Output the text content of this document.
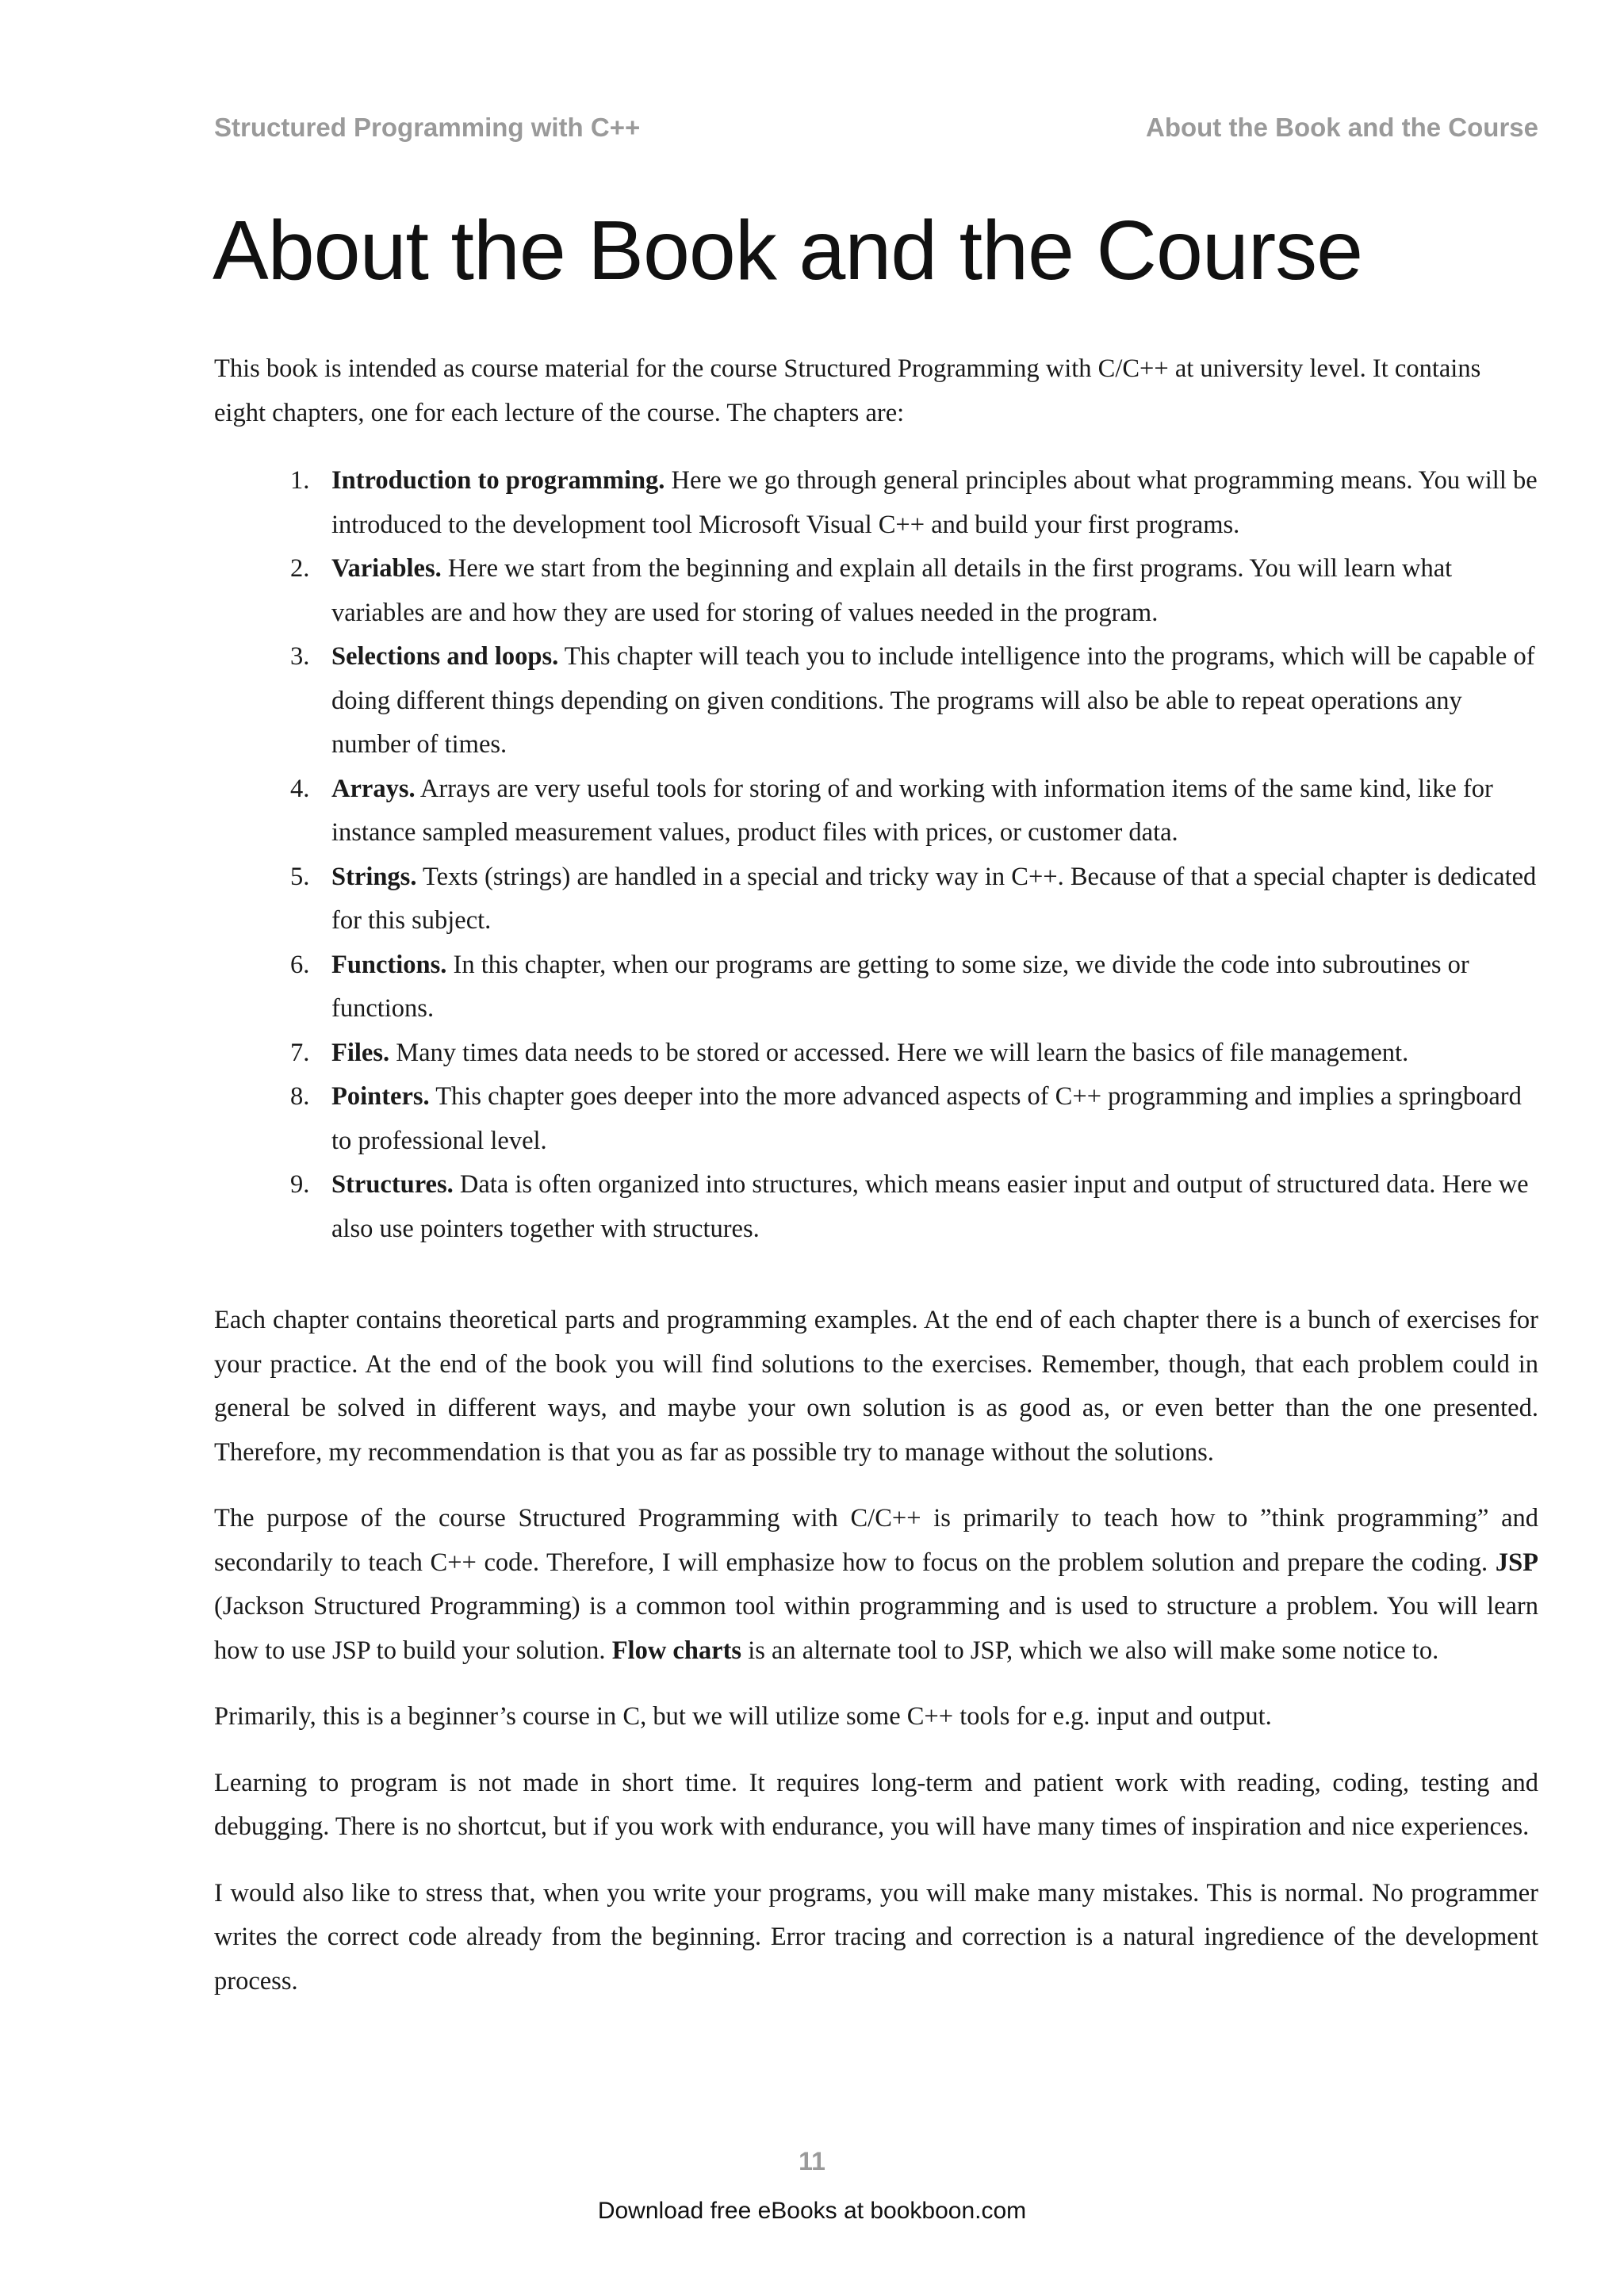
Structured Programming with C++	About the Book and the Course
About the Book and the Course

This book is intended as course material for the course Structured Programming with C/C++ at university level. It contains eight chapters, one for each lecture of the course. The chapters are:

1. Introduction to programming. Here we go through general principles about what programming means. You will be introduced to the development tool Microsoft Visual C++ and build your first programs.
2. Variables. Here we start from the beginning and explain all details in the first programs. You will learn what variables are and how they are used for storing of values needed in the program.
3. Selections and loops. This chapter will teach you to include intelligence into the programs, which will be capable of doing different things depending on given conditions. The programs will also be able to repeat operations any number of times.
4. Arrays. Arrays are very useful tools for storing of and working with information items of the same kind, like for instance sampled measurement values, product files with prices, or customer data.
5. Strings. Texts (strings) are handled in a special and tricky way in C++. Because of that a special chapter is dedicated for this subject.
6. Functions. In this chapter, when our programs are getting to some size, we divide the code into subroutines or functions.
7. Files. Many times data needs to be stored or accessed. Here we will learn the basics of file management.
8. Pointers. This chapter goes deeper into the more advanced aspects of C++ programming and implies a springboard to professional level.
9. Structures. Data is often organized into structures, which means easier input and output of structured data. Here we also use pointers together with structures.

Each chapter contains theoretical parts and programming examples. At the end of each chapter there is a bunch of exercises for your practice. At the end of the book you will find solutions to the exercises. Remember, though, that each problem could in general be solved in different ways, and maybe your own solution is as good as, or even better than the one presented. Therefore, my recommendation is that you as far as possible try to manage without the solutions.

The purpose of the course Structured Programming with C/C++ is primarily to teach how to ”think programming” and secondarily to teach C++ code. Therefore, I will emphasize how to focus on the problem solution and prepare the coding. JSP (Jackson Structured Programming) is a common tool within programming and is used to structure a problem. You will learn how to use JSP to build your solution. Flow charts is an alternate tool to JSP, which we also will make some notice to.

Primarily, this is a beginner’s course in C, but we will utilize some C++ tools for e.g. input and output.

Learning to program is not made in short time. It requires long-term and patient work with reading, coding, testing and debugging. There is no shortcut, but if you work with endurance, you will have many times of inspiration and nice experiences.

I would also like to stress that, when you write your programs, you will make many mistakes. This is normal. No programmer writes the correct code already from the beginning. Error tracing and correction is a natural ingredience of the development process.

11
Download free eBooks at bookboon.com
